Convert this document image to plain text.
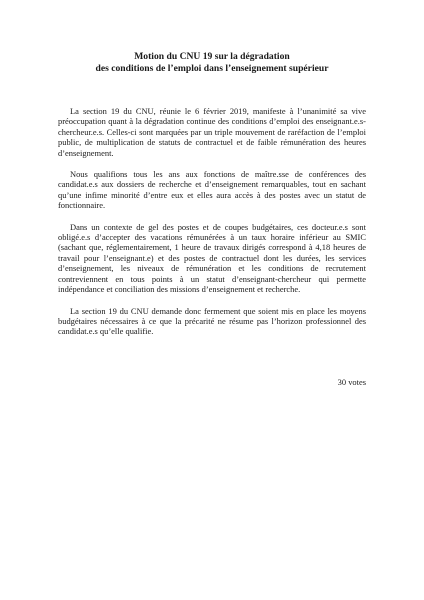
Motion du CNU 19 sur la dégradation
des conditions de l’emploi dans l’enseignement supérieur

La section 19 du CNU, réunie le 6 février 2019, manifeste à l’unanimité sa vive préoccupation quant à la dégradation continue des conditions d’emploi des enseignant.e.s-chercheur.e.s. Celles-ci sont marquées par un triple mouvement de raréfaction de l’emploi public, de multiplication de statuts de contractuel et de faible rémunération des heures d’enseignement.

Nous qualifions tous les ans aux fonctions de maître.sse de conférences des candidat.e.s aux dossiers de recherche et d’enseignement remarquables, tout en sachant qu’une infime minorité d’entre eux et elles aura accès à des postes avec un statut de fonctionnaire.

Dans un contexte de gel des postes et de coupes budgétaires, ces docteur.e.s sont obligé.e.s d’accepter des vacations rémunérées à un taux horaire inférieur au SMIC (sachant que, réglementairement, 1 heure de travaux dirigés correspond à 4,18 heures de travail pour l’enseignant.e) et des postes de contractuel dont les durées, les services d’enseignement, les niveaux de rémunération et les conditions de recrutement contreviennent en tous points à un statut d’enseignant-chercheur qui permette indépendance et conciliation des missions d’enseignement et recherche.

La section 19 du CNU demande donc fermement que soient mis en place les moyens budgétaires nécessaires à ce que la précarité ne résume pas l’horizon professionnel des candidat.e.s qu’elle qualifie.

30 votes
